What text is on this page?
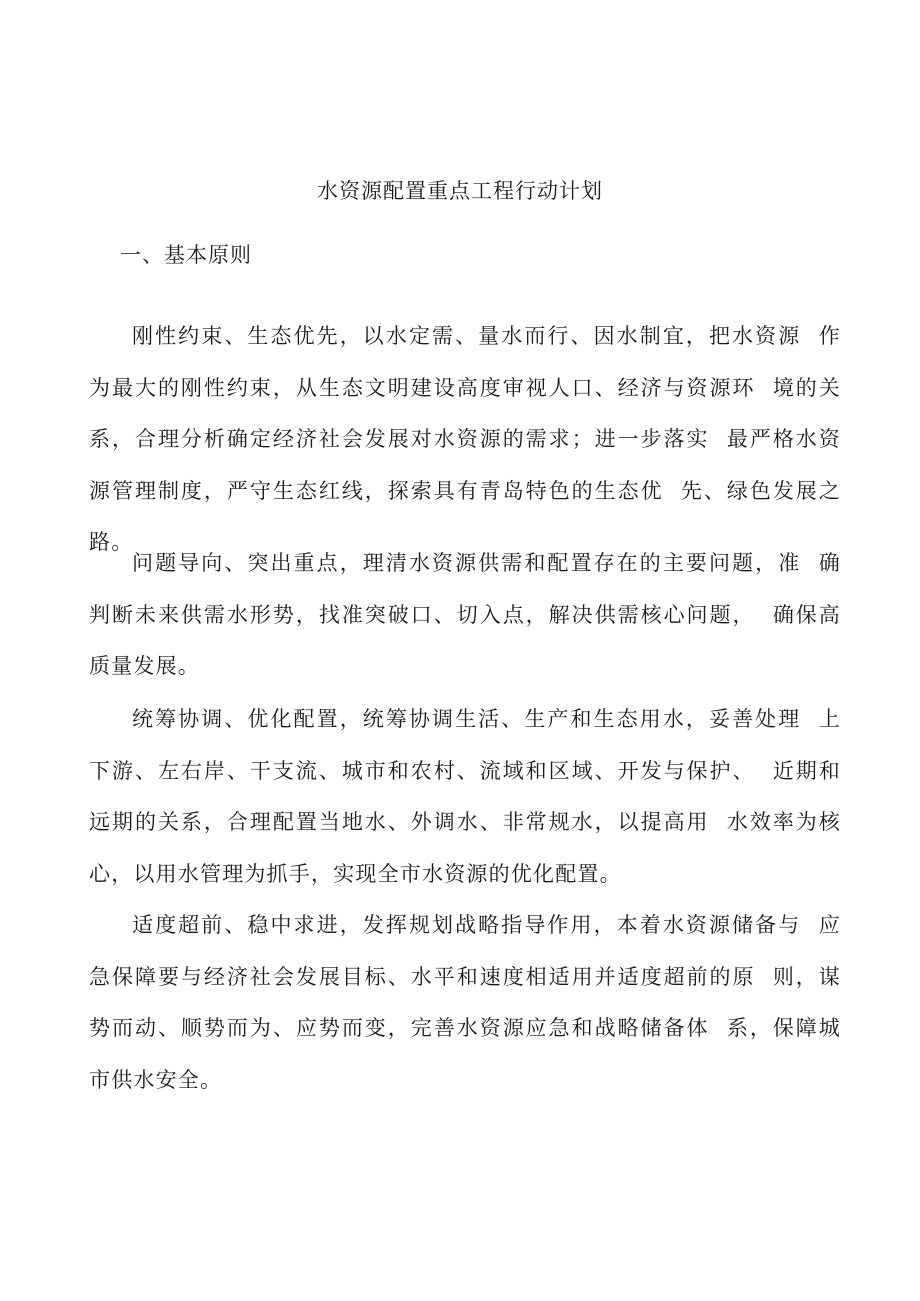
水资源配置重点工程行动计划
一、基本原则
刚性约束、生态优先，以水定需、量水而行、因水制宜，把水资源  作
为最大的刚性约束，从生态文明建设高度审视人口、经济与资源环  境的关
系，合理分析确定经济社会发展对水资源的需求；进一步落实  最严格水资
源管理制度，严守生态红线，探索具有青岛特色的生态优  先、绿色发展之
路。
问题导向、突出重点，理清水资源供需和配置存在的主要问题，准  确
判断未来供需水形势，找准突破口、切入点，解决供需核心问题，  确保高
质量发展。
统筹协调、优化配置，统筹协调生活、生产和生态用水，妥善处理  上
下游、左右岸、干支流、城市和农村、流域和区域、开发与保护、  近期和
远期的关系，合理配置当地水、外调水、非常规水，以提高用  水效率为核
心，以用水管理为抓手，实现全市水资源的优化配置。
适度超前、稳中求进，发挥规划战略指导作用，本着水资源储备与  应
急保障要与经济社会发展目标、水平和速度相适用并适度超前的原  则，谋
势而动、顺势而为、应势而变，完善水资源应急和战略储备体  系，保障城
市供水安全。
